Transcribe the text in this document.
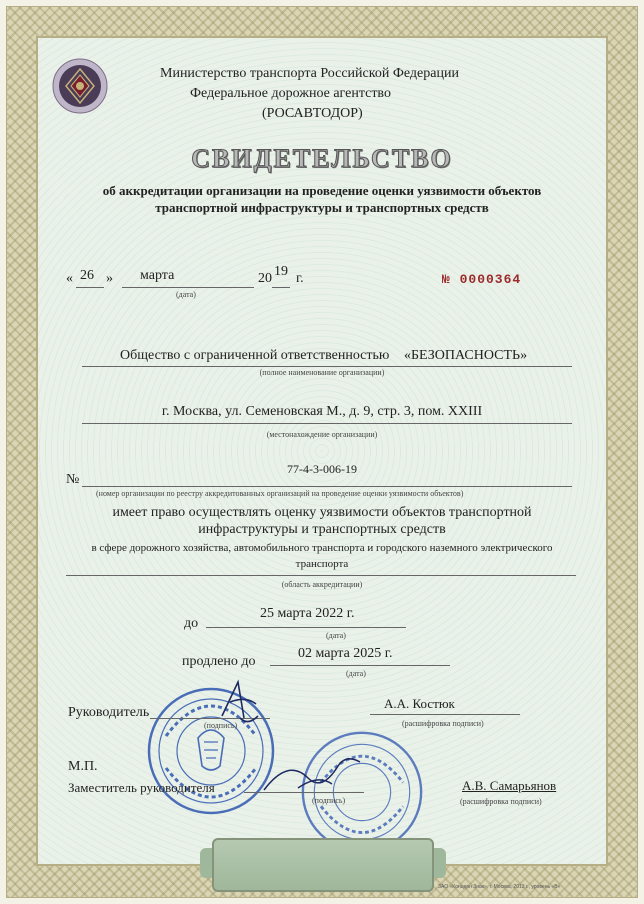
Министерство транспорта Российской Федерации
Федеральное дорожное агентство
(РОСАВТОДОР)
СВИДЕТЕЛЬСТВО
об аккредитации организации на проведение оценки уязвимости объектов
транспортной инфраструктуры и транспортных средств
« 26 » марта
(дата)
20 19 г.	№ 0000364
Общество с ограниченной ответственностью «БЕЗОПАСНОСТЬ»
(полное наименование организации)
г. Москва, ул. Семеновская М., д. 9, стр. 3, пом. XXIII
(местонахождение организации)
№
77-4-3-006-19
(номер организации по реестру аккредитованных организаций на проведение оценки уязвимости объектов)
имеет право осуществлять оценку уязвимости объектов транспортной
инфраструктуры и транспортных средств
в сфере дорожного хозяйства, автомобильного транспорта и городского наземного электрического
транспорта
(область аккредитации)
до
25 марта 2022 г.
(дата)
продлено до
02 марта 2025 г.
(дата)
Руководитель
(подпись)
А.А. Костюк
(расшифровка подписи)
М.П.
Заместитель руководителя
(подпись)
А.В. Самарьянов
(расшифровка подписи)
ЗАО «Концерн Знак», г. Москва, 2013 г., уровень «В»
